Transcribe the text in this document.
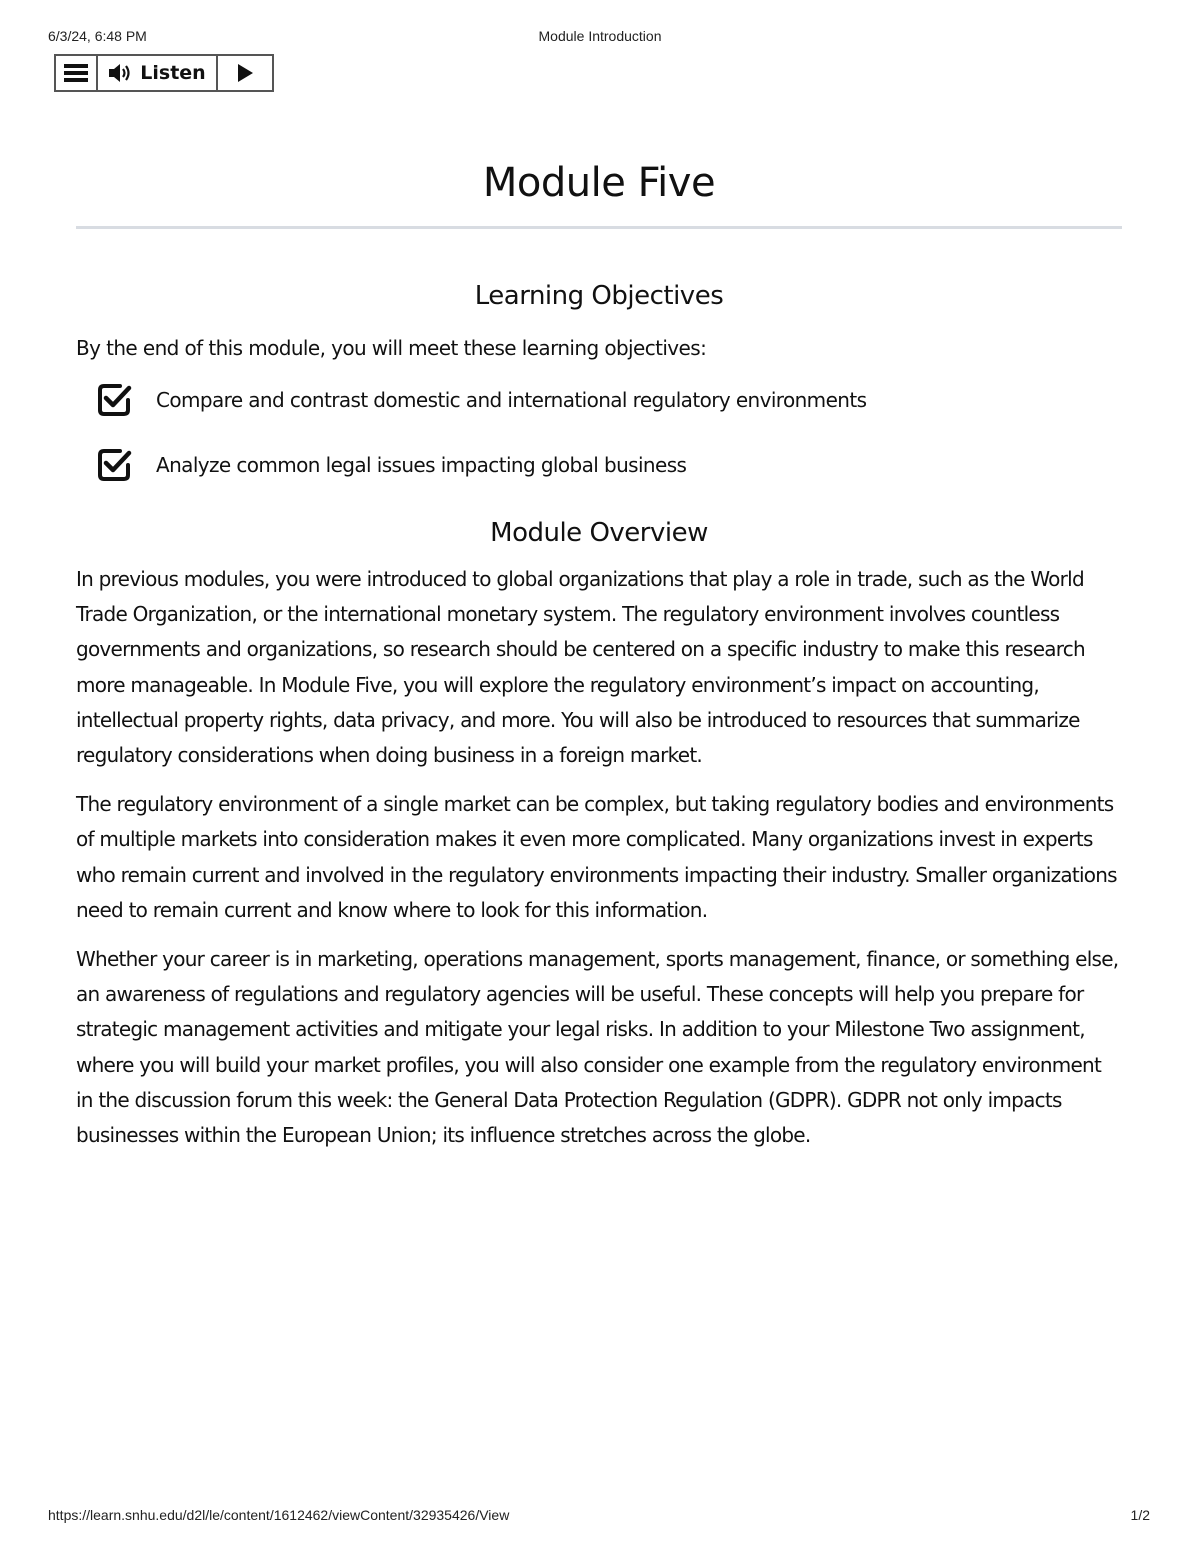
6/3/24, 6:48 PM	Module Introduction
Listen
Module Five
Learning Objectives

By the end of this module, you will meet these learning objectives:

Compare and contrast domestic and international regulatory environments
Analyze common legal issues impacting global business
Module Overview

In previous modules, you were introduced to global organizations that play a role in trade, such as the World Trade Organization, or the international monetary system. The regulatory environment involves countless governments and organizations, so research should be centered on a specific industry to make this research more manageable. In Module Five, you will explore the regulatory environment’s impact on accounting, intellectual property rights, data privacy, and more. You will also be introduced to resources that summarize regulatory considerations when doing business in a foreign market.

The regulatory environment of a single market can be complex, but taking regulatory bodies and environments of multiple markets into consideration makes it even more complicated. Many organizations invest in experts who remain current and involved in the regulatory environments impacting their industry. Smaller organizations need to remain current and know where to look for this information.

Whether your career is in marketing, operations management, sports management, finance, or something else, an awareness of regulations and regulatory agencies will be useful. These concepts will help you prepare for strategic management activities and mitigate your legal risks. In addition to your Milestone Two assignment, where you will build your market profiles, you will also consider one example from the regulatory environment in the discussion forum this week: the General Data Protection Regulation (GDPR). GDPR not only impacts businesses within the European Union; its influence stretches across the globe.

https://learn.snhu.edu/d2l/le/content/1612462/viewContent/32935426/View	1/2
